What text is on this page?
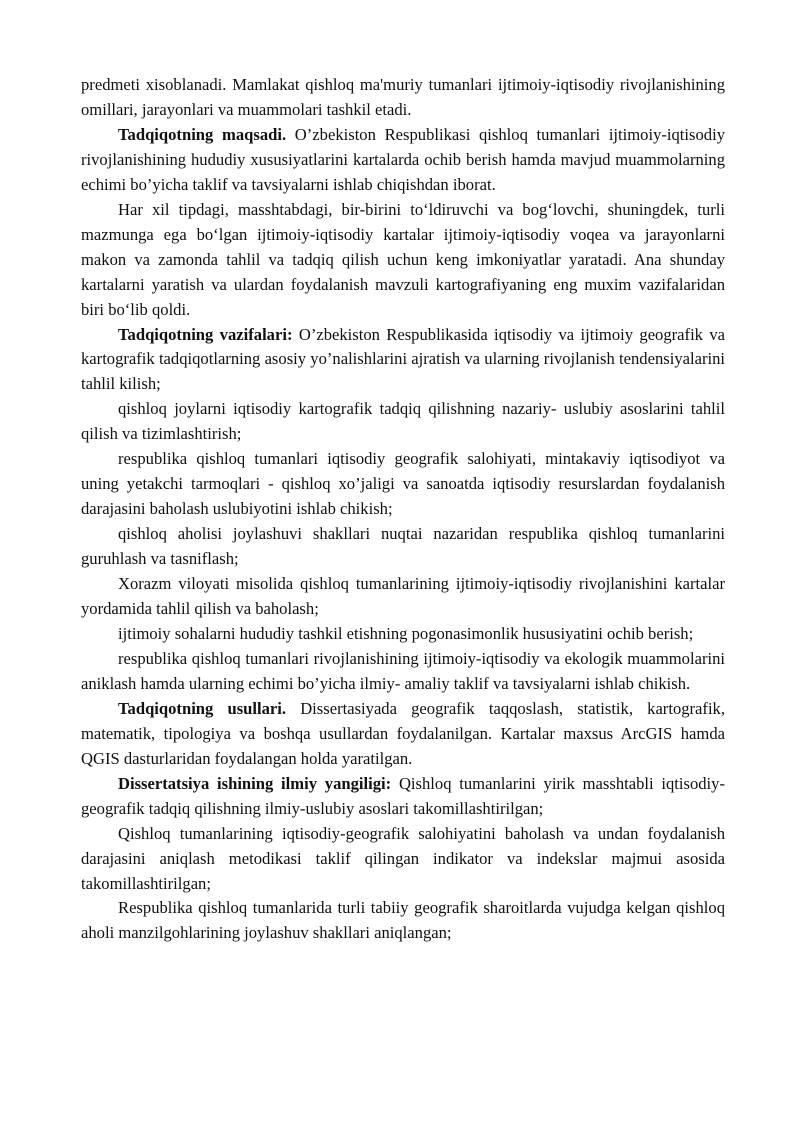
predmeti xisoblanadi. Mamlakat qishloq ma'muriy tumanlari ijtimoiy-iqtisodiy rivojlanishining omillari, jarayonlari va muammolari tashkil etadi.

Tadqiqotning maqsadi. O’zbekiston Respublikasi qishloq tumanlari ijtimoiy-iqtisodiy rivojlanishining hududiy xususiyatlarini kartalarda ochib berish hamda mavjud muammolarning echimi bo’yicha taklif va tavsiyalarni ishlab chiqishdan iborat.

Har xil tipdagi, masshtabdagi, bir-birini to‘ldiruvchi va bog‘lovchi, shuningdek, turli mazmunga ega bo‘lgan ijtimoiy-iqtisodiy kartalar ijtimoiy-iqtisodiy voqea va jarayonlarni makon va zamonda tahlil va tadqiq qilish uchun keng imkoniyatlar yaratadi. Ana shunday kartalarni yaratish va ulardan foydalanish mavzuli kartografiyaning eng muxim vazifalaridan biri bo‘lib qoldi.

Tadqiqotning vazifalari: O’zbekiston Respublikasida iqtisodiy va ijtimoiy geografik va kartografik tadqiqotlarning asosiy yo’nalishlarini ajratish va ularning rivojlanish tendensiyalarini tahlil kilish;

qishloq joylarni iqtisodiy kartografik tadqiq qilishning nazariy- uslubiy asoslarini tahlil qilish va tizimlashtirish;

respublika qishloq tumanlari iqtisodiy geografik salohiyati, mintakaviy iqtisodiyot va uning yetakchi tarmoqlari - qishloq xo’jaligi va sanoatda iqtisodiy resurslardan foydalanish darajasini baholash uslubiyotini ishlab chikish;

qishloq aholisi joylashuvi shakllari nuqtai nazaridan respublika qishloq tumanlarini guruhlash va tasniflash;

Xorazm viloyati misolida qishloq tumanlarining ijtimoiy-iqtisodiy rivojlanishini kartalar yordamida tahlil qilish va baholash;

ijtimoiy sohalarni hududiy tashkil etishning pogonasimonlik hususiyatini ochib berish;

respublika qishloq tumanlari rivojlanishining ijtimoiy-iqtisodiy va ekologik muammolarini aniklash hamda ularning echimi bo’yicha ilmiy- amaliy taklif va tavsiyalarni ishlab chikish.

Tadqiqotning usullari. Dissertasiyada geografik taqqoslash, statistik, kartografik, matematik, tipologiya va boshqa usullardan foydalanilgan. Kartalar maxsus ArcGIS hamda QGIS dasturlaridan foydalangan holda yaratilgan.

Dissertatsiya ishining ilmiy yangiligi: Qishloq tumanlarini yirik masshtabli iqtisodiy-geografik tadqiq qilishning ilmiy-uslubiy asoslari takomillashtirilgan;

Qishloq tumanlarining iqtisodiy-geografik salohiyatini baholash va undan foydalanish darajasini aniqlash metodikasi taklif qilingan indikator va indekslar majmui asosida takomillashtirilgan;

Respublika qishloq tumanlarida turli tabiiy geografik sharoitlarda vujudga kelgan qishloq aholi manzilgohlarining joylashuv shakllari aniqlangan;
